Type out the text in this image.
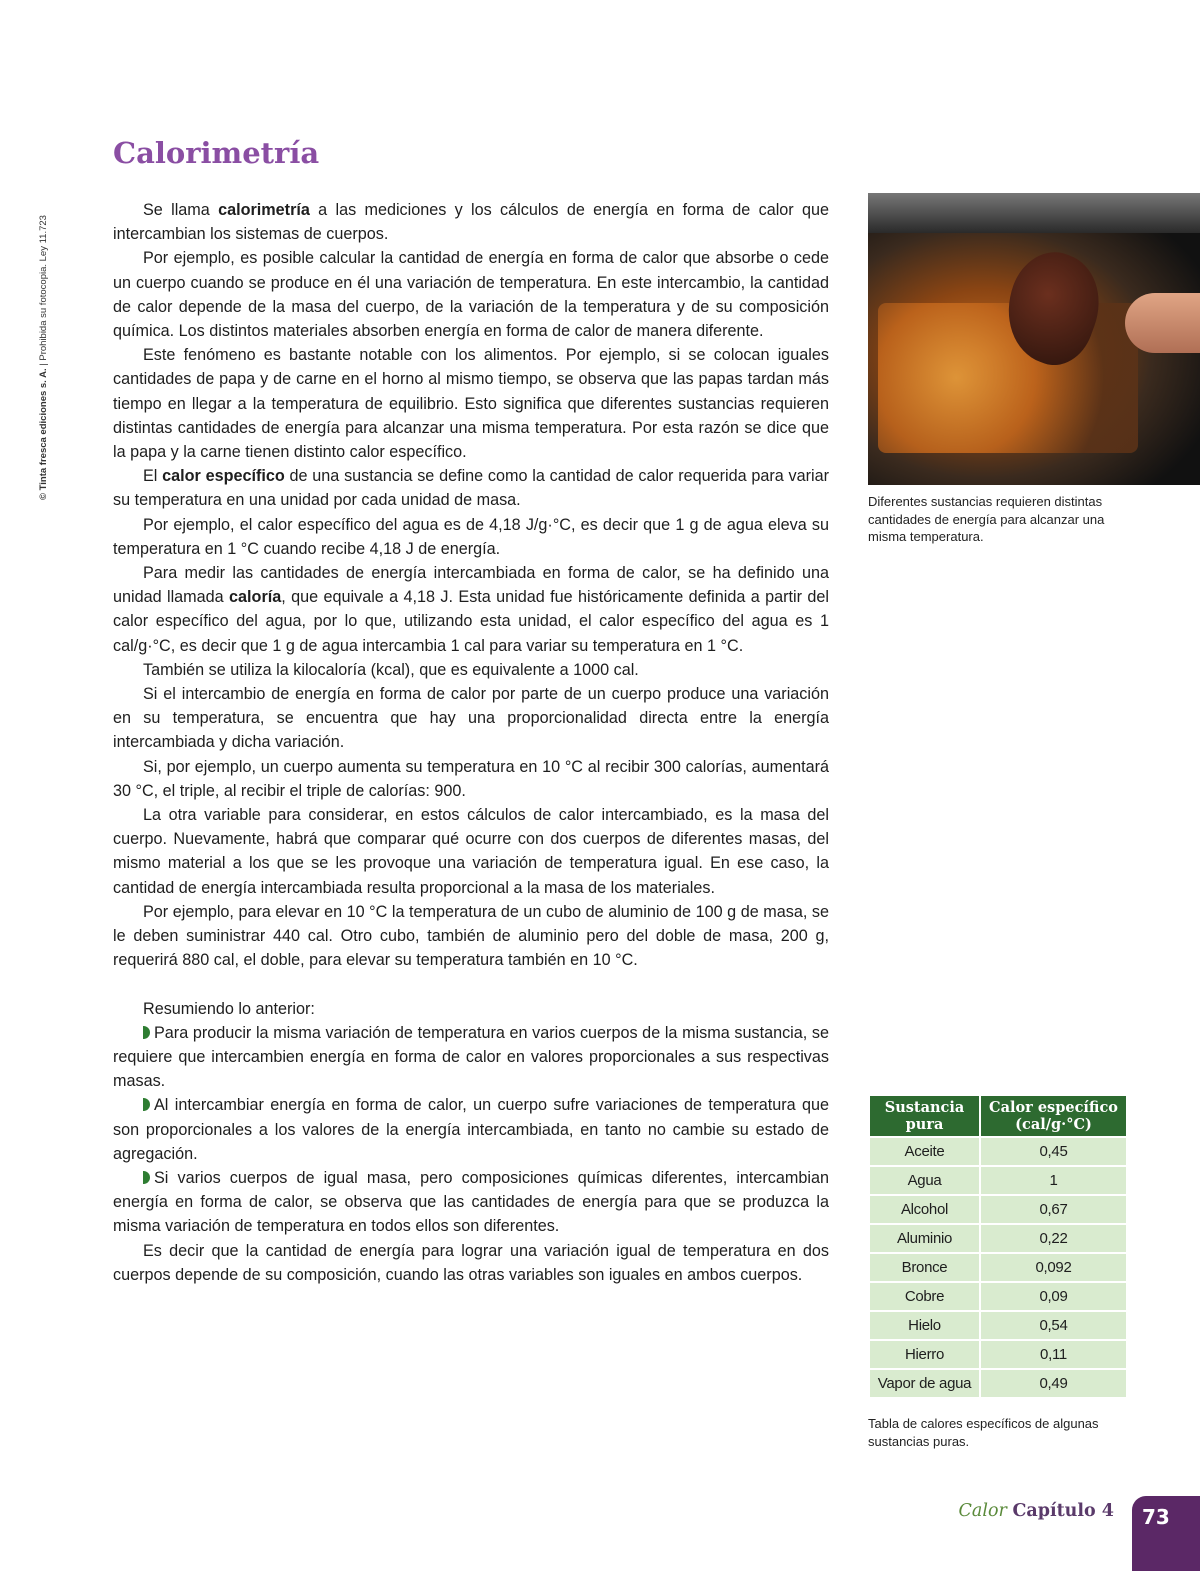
© Tinta fresca ediciones s. A. | Prohibida su fotocopia. Ley 11.723
Calorimetría

Se llama calorimetría a las mediciones y los cálculos de energía en forma de calor que intercambian los sistemas de cuerpos.

Por ejemplo, es posible calcular la cantidad de energía en forma de calor que absorbe o cede un cuerpo cuando se produce en él una variación de temperatura. En este intercambio, la cantidad de calor depende de la masa del cuerpo, de la variación de la temperatura y de su composición química. Los distintos materiales absorben energía en forma de calor de manera diferente.

Este fenómeno es bastante notable con los alimentos. Por ejemplo, si se colocan iguales cantidades de papa y de carne en el horno al mismo tiempo, se observa que las papas tardan más tiempo en llegar a la temperatura de equilibrio. Esto significa que diferentes sustancias requieren distintas cantidades de energía para alcanzar una misma temperatura. Por esta razón se dice que la papa y la carne tienen distinto calor específico.

El calor específico de una sustancia se define como la cantidad de calor requerida para variar su temperatura en una unidad por cada unidad de masa.

Por ejemplo, el calor específico del agua es de 4,18 J/g·°C, es decir que 1 g de agua eleva su temperatura en 1 °C cuando recibe 4,18 J de energía.

Para medir las cantidades de energía intercambiada en forma de calor, se ha definido una unidad llamada caloría, que equivale a 4,18 J. Esta unidad fue históricamente definida a partir del calor específico del agua, por lo que, utilizando esta unidad, el calor específico del agua es 1 cal/g·°C, es decir que 1 g de agua intercambia 1 cal para variar su temperatura en 1 °C.

También se utiliza la kilocaloría (kcal), que es equivalente a 1000 cal.

Si el intercambio de energía en forma de calor por parte de un cuerpo produce una variación en su temperatura, se encuentra que hay una proporcionalidad directa entre la energía intercambiada y dicha variación.

Si, por ejemplo, un cuerpo aumenta su temperatura en 10 °C al recibir 300 calorías, aumentará 30 °C, el triple, al recibir el triple de calorías: 900.

La otra variable para considerar, en estos cálculos de calor intercambiado, es la masa del cuerpo. Nuevamente, habrá que comparar qué ocurre con dos cuerpos de diferentes masas, del mismo material a los que se les provoque una variación de temperatura igual. En ese caso, la cantidad de energía intercambiada resulta proporcional a la masa de los materiales.

Por ejemplo, para elevar en 10 °C la temperatura de un cubo de aluminio de 100 g de masa, se le deben suministrar 440 cal. Otro cubo, también de aluminio pero del doble de masa, 200 g, requerirá 880 cal, el doble, para elevar su temperatura también en 10 °C.

Resumiendo lo anterior:

Para producir la misma variación de temperatura en varios cuerpos de la misma sustancia, se requiere que intercambien energía en forma de calor en valores proporcionales a sus respectivas masas.

Al intercambiar energía en forma de calor, un cuerpo sufre variaciones de temperatura que son proporcionales a los valores de la energía intercambiada, en tanto no cambie su estado de agregación.

Si varios cuerpos de igual masa, pero composiciones químicas diferentes, intercambian energía en forma de calor, se observa que las cantidades de energía para que se produzca la misma variación de temperatura en todos ellos son diferentes.

Es decir que la cantidad de energía para lograr una variación igual de temperatura en dos cuerpos depende de su composición, cuando las otras variables son iguales en ambos cuerpos.

Diferentes sustancias requieren distintas cantidades de energía para alcanzar una misma temperatura.
Sustancia pura	Calor específico (cal/g·°C)
Aceite	0,45
Agua	1
Alcohol	0,67
Aluminio	0,22
Bronce	0,092
Cobre	0,09
Hielo	0,54
Hierro	0,11
Vapor de agua	0,49
Tabla de calores específicos de algunas sustancias puras.
Calor Capítulo 4	73
